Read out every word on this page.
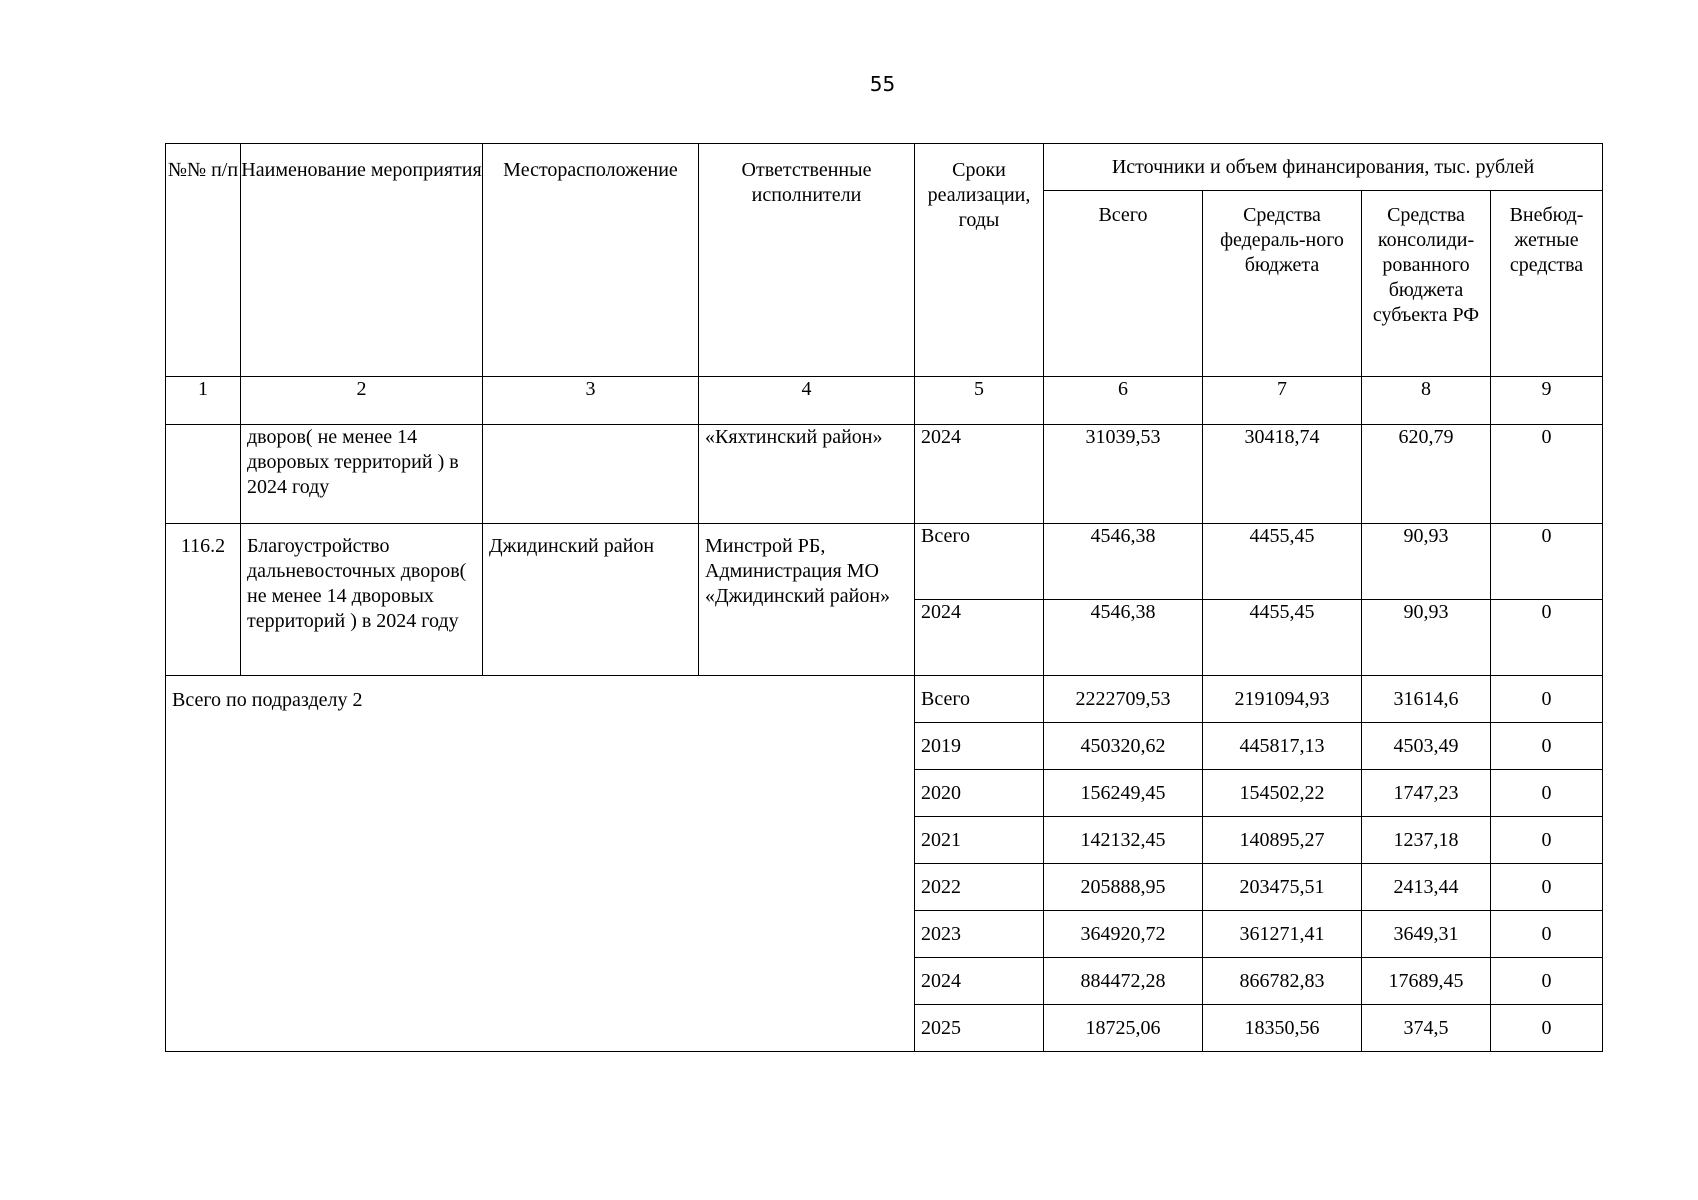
55
№№ п/п	Наименование мероприятия	Месторасположение	Ответственные исполнители	Сроки реализации, годы	Источники и объем финансирования, тыс. рублей			
					Всего	Средства федераль-ного бюджета	Средства консолиди-рованного бюджета субъекта РФ	Внебюд-жетные средства
1	2	3	4	5	6	7	8	9
	дворов( не менее 14 дворовых территорий ) в 2024 году		«Кяхтинский район»	2024	31039,53	30418,74	620,79	0
116.2	Благоустройство дальневосточных дворов( не менее 14 дворовых территорий ) в 2024 году	Джидинский район	Минстрой РБ, Администрация МО «Джидинский район»	Всего	4546,38	4455,45	90,93	0
				2024	4546,38	4455,45	90,93	0
Всего по подразделу 2				Всего	2222709,53	2191094,93	31614,6	0
				2019	450320,62	445817,13	4503,49	0
				2020	156249,45	154502,22	1747,23	0
				2021	142132,45	140895,27	1237,18	0
				2022	205888,95	203475,51	2413,44	0
				2023	364920,72	361271,41	3649,31	0
				2024	884472,28	866782,83	17689,45	0
				2025	18725,06	18350,56	374,5	0
